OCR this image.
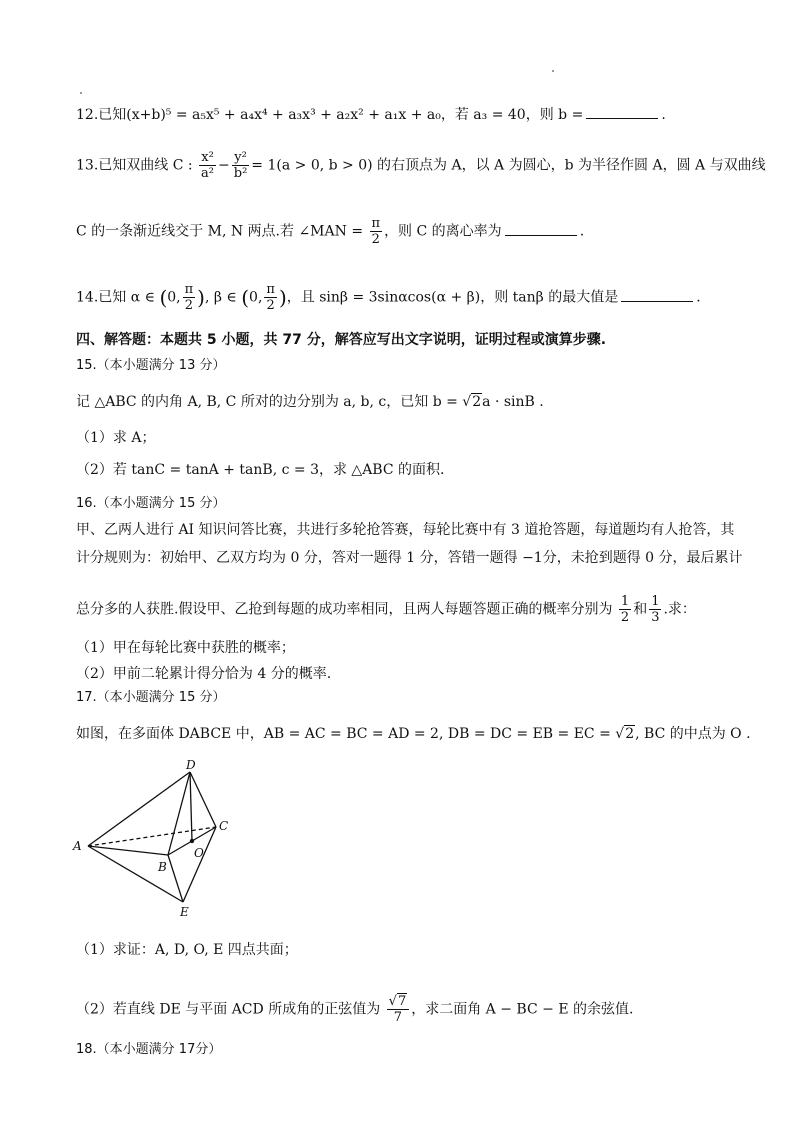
12.已知(x+b)⁵ = a₅x⁵ + a₄x⁴ + a₃x³ + a₂x² + a₁x + a₀，若 a₃ = 40，则 b =	.
13.已知双曲线 C : $\frac{\text{x²}}{\text{a²}} - \frac{\text{y²}}{\text{b²}} = 1(a > 0$, b > 0) 的右顶点为 A，以 A 为圆心，b 为半径作圆 A，圆 A 与双曲线
C 的一条渐近线交于 M, N 两点.若 ∠MAN = $\frac{\pi}{2}$ ，则 C 的离心率为	.
14.已知 α ∈ (0, $\frac{\pi}{2}$ ), β ∈ (0, $\frac{\pi}{2}$ )，且 sinβ = 3sinαcos(α + β)，则 tanβ 的最大值是	.
四、解答题：本题共 5 小题，共 77 分，解答应写出文字说明，证明过程或演算步骤.
15.（本小题满分 13 分）
记 △ABC 的内角 A, B, C 所对的边分别为 a, b, c，已知 b = √2a · sinB .
（1）求 A；
（2）若 tanC = tanA + tanB, c = 3，求 △ABC 的面积.
16.（本小题满分 15 分）
甲、乙两人进行 AI 知识问答比赛，共进行多轮抢答赛，每轮比赛中有 3 道抢答题，每道题均有人抢答，其
计分规则为：初始甲、乙双方均为 0 分，答对一题得 1 分，答错一题得 −1分，未抢到题得 0 分，最后累计
总分多的人获胜.假设甲、乙抢到每题的成功率相同，且两人每题答题正确的概率分别为 $\frac{1}{2}$ 和 $\frac{1}{3}$ .求：
（1）甲在每轮比赛中获胜的概率；
（2）甲前二轮累计得分恰为 4 分的概率.
17.（本小题满分 15 分）
如图，在多面体 DABCE 中，AB = AC = BC = AD = 2, DB = DC = EB = EC = √2, BC 的中点为 O .
D
C
A	O
B
E
（1）求证：A, D, O, E 四点共面；
（2）若直线 DE 与平面 ACD 所成角的正弦值为 $\frac{√7}{7}$ ，求二面角 A − BC − E 的余弦值.
18.（本小题满分 17分）
